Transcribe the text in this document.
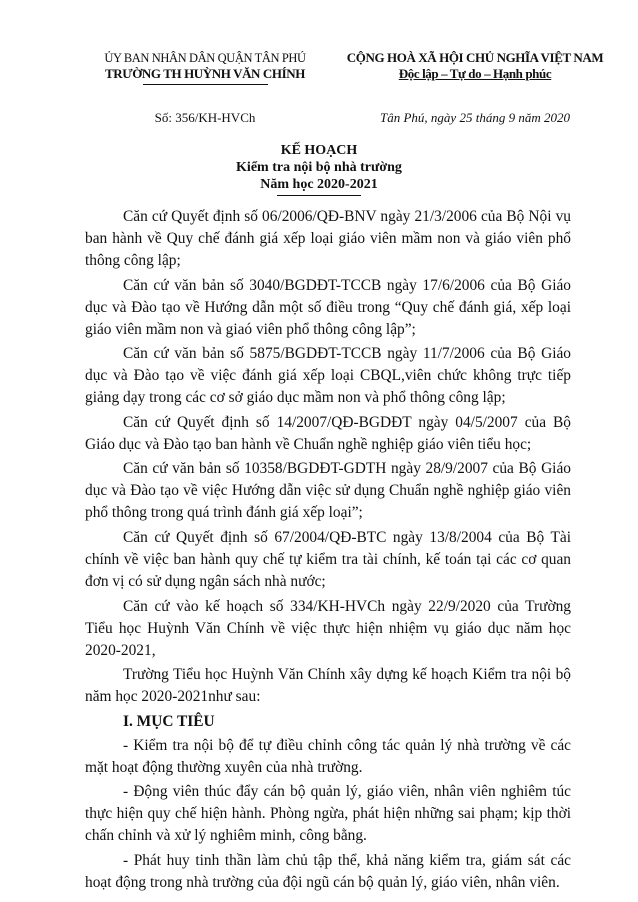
ỦY BAN NHÂN DÂN QUẬN TÂN PHÚ
TRƯỜNG TH HUỲNH VĂN CHÍNH
CỘNG HOÀ XÃ HỘI CHỦ NGHĨA VIỆT NAM
Độc lập – Tự do – Hạnh phúc
Số: 356/KH-HVCh	Tân Phú, ngày 25 tháng 9 năm 2020
KẾ HOẠCH
Kiểm tra nội bộ nhà trường
Năm học 2020-2021

Căn cứ Quyết định số 06/2006/QĐ-BNV ngày 21/3/2006 của Bộ Nội vụ ban hành về Quy chế đánh giá xếp loại giáo viên mầm non và giáo viên phổ thông công lập;

Căn cứ văn bản số 3040/BGDĐT-TCCB ngày 17/6/2006 của Bộ Giáo dục và Đào tạo về Hướng dẫn một số điều trong “Quy chế đánh giá, xếp loại giáo viên mầm non và giaó viên phổ thông công lập”;

Căn cứ văn bản số 5875/BGDĐT-TCCB ngày 11/7/2006 của Bộ Giáo dục và Đào tạo về việc đánh giá xếp loại CBQL,viên chức không trực tiếp giảng dạy trong các cơ sở giáo dục mầm non và phổ thông công lập;

Căn cứ Quyết định số 14/2007/QĐ-BGDĐT ngày 04/5/2007 của Bộ Giáo dục và Đào tạo ban hành về Chuẩn nghề nghiệp giáo viên tiểu học;

Căn cứ văn bản số 10358/BGDĐT-GDTH ngày 28/9/2007 của Bộ Giáo dục và Đào tạo về việc Hướng dẫn việc sử dụng Chuẩn nghề nghiệp giáo viên phổ thông trong quá trình đánh giá xếp loại”;

Căn cứ Quyết định số 67/2004/QĐ-BTC ngày 13/8/2004 của Bộ Tài chính về việc ban hành quy chế tự kiểm tra tài chính, kế toán tại các cơ quan đơn vị có sử dụng ngân sách nhà nước;

Căn cứ vào kế hoạch số 334/KH-HVCh ngày 22/9/2020 của Trường Tiểu học Huỳnh Văn Chính về việc thực hiện nhiệm vụ giáo dục năm học 2020-2021,

Trường Tiểu học Huỳnh Văn Chính xây dựng kế hoạch Kiểm tra nội bộ năm học 2020-2021như sau:

I. MỤC TIÊU

- Kiểm tra nội bộ để tự điều chỉnh công tác quản lý nhà trường về các mặt hoạt động thường xuyên của nhà trường.

- Động viên thúc đẩy cán bộ quản lý, giáo viên, nhân viên nghiêm túc thực hiện quy chế hiện hành. Phòng ngừa, phát hiện những sai phạm; kịp thời chấn chỉnh và xử lý nghiêm minh, công bằng.

- Phát huy tinh thần làm chủ tập thể, khả năng kiểm tra, giám sát các hoạt động trong nhà trường của đội ngũ cán bộ quản lý, giáo viên, nhân viên.
